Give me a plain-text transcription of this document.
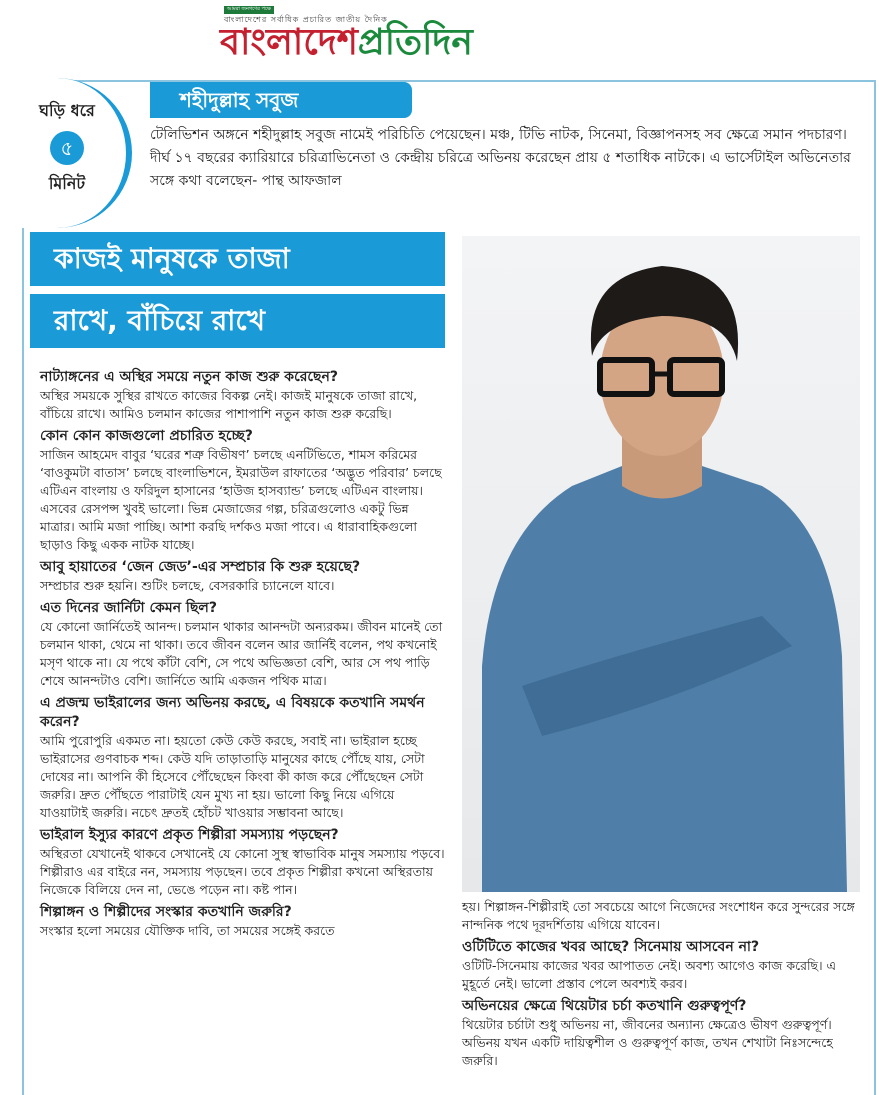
আমরা জনগণের পক্ষে
বাংলাদেশের সর্বাধিক প্রচারিত জাতীয় দৈনিক
বাংলাদেশপ্রতিদিন
ঘড়ি ধরে
৫
মিনিট
শহীদুল্লাহ সবুজ
টেলিভিশন অঙ্গনে শহীদুল্লাহ সবুজ নামেই পরিচিতি পেয়েছেন। মঞ্চ, টিভি নাটক, সিনেমা, বিজ্ঞাপনসহ সব ক্ষেত্রে সমান পদচারণ। দীর্ঘ ১৭ বছরের ক্যারিয়ারে চরিত্রাভিনেতা ও কেন্দ্রীয় চরিত্রে অভিনয় করেছেন প্রায় ৫ শতাধিক নাটকে। এ ভার্সেটাইল অভিনেতার সঙ্গে কথা বলেছেন- পান্থ আফজাল
কাজই মানুষকে তাজা
রাখে, বাঁচিয়ে রাখে
নাট্যাঙ্গনের এ অস্থির সময়ে নতুন কাজ শুরু করেছেন?
অস্থির সময়কে সুস্থির রাখতে কাজের বিকল্প নেই। কাজই মানুষকে তাজা রাখে, বাঁচিয়ে রাখে। আমিও চলমান কাজের পাশাপাশি নতুন কাজ শুরু করেছি।
কোন কোন কাজগুলো প্রচারিত হচ্ছে?
সাজিন আহমেদ বাবুর ‘ঘরের শত্রু বিভীষণ’ চলছে এনটিভিতে, শামস করিমের ‘বাওকুমটা বাতাস’ চলছে বাংলাভিশনে, ইমরাউল রাফাতের ‘অদ্ভুত পরিবার’ চলছে এটিএন বাংলায় ও ফরিদুল হাসানের ‘হাউজ হাসব্যান্ড’ চলছে এটিএন বাংলায়। এসবের রেসপন্স খুবই ভালো। ভিন্ন মেজাজের গল্প, চরিত্রগুলোও একটু ভিন্ন মাত্রার। আমি মজা পাচ্ছি। আশা করছি দর্শকও মজা পাবে। এ ধারাবাহিকগুলো ছাড়াও কিছু একক নাটক যাচ্ছে।
আবু হায়াতের ‘জেন জেড’-এর সম্প্রচার কি শুরু হয়েছে?
সম্প্রচার শুরু হয়নি। শুটিং চলছে, বেসরকারি চ্যানেলে যাবে।
এত দিনের জার্নিটা কেমন ছিল?
যে কোনো জার্নিতেই আনন্দ। চলমান থাকার আনন্দটা অন্যরকম। জীবন মানেই তো চলমান থাকা, থেমে না থাকা। তবে জীবন বলেন আর জার্নিই বলেন, পথ কখনোই মসৃণ থাকে না। যে পথে কাঁটা বেশি, সে পথে অভিজ্ঞতা বেশি, আর সে পথ পাড়ি শেষে আনন্দটাও বেশি। জার্নিতে আমি একজন পথিক মাত্র।
এ প্রজন্ম ভাইরালের জন্য অভিনয় করছে, এ বিষয়কে কতখানি সমর্থন করেন?
আমি পুরোপুরি একমত না। হয়তো কেউ কেউ করছে, সবাই না। ভাইরাল হচ্ছে ভাইরাসের গুণবাচক শব্দ। কেউ যদি তাড়াতাড়ি মানুষের কাছে পৌঁছে যায়, সেটা দোষের না। আপনি কী হিসেবে পৌঁছেছেন কিংবা কী কাজ করে পৌঁছেছেন সেটা জরুরি। দ্রুত পৌঁছতে পারাটাই যেন মুখ্য না হয়। ভালো কিছু নিয়ে এগিয়ে যাওয়াটাই জরুরি। নচেৎ দ্রুতই হোঁচট খাওয়ার সম্ভাবনা আছে।
ভাইরাল ইস্যুর কারণে প্রকৃত শিল্পীরা সমস্যায় পড়ছেন?
অস্থিরতা যেখানেই থাকবে সেখানেই যে কোনো সুস্থ স্বাভাবিক মানুষ সমস্যায় পড়বে। শিল্পীরাও এর বাইরে নন, সমস্যায় পড়ছেন। তবে প্রকৃত শিল্পীরা কখনো অস্থিরতায় নিজেকে বিলিয়ে দেন না, ভেঙে পড়েন না। কষ্ট পান।
শিল্পাঙ্গন ও শিল্পীদের সংস্কার কতখানি জরুরি?
সংস্কার হলো সময়ের যৌক্তিক দাবি, তা সময়ের সঙ্গেই করতে
হয়। শিল্পাঙ্গন-শিল্পীরাই তো সবচেয়ে আগে নিজেদের সংশোধন করে সুন্দরের সঙ্গে নান্দনিক পথে দূরদর্শিতায় এগিয়ে যাবেন।
ওটিটিতে কাজের খবর আছে? সিনেমায় আসবেন না?
ওটিটি-সিনেমায় কাজের খবর আপাতত নেই। অবশ্য আগেও কাজ করেছি। এ মুহূর্তে নেই। ভালো প্রস্তাব পেলে অবশ্যই করব।
অভিনয়ের ক্ষেত্রে থিয়েটার চর্চা কতখানি গুরুত্বপূর্ণ?
থিয়েটার চর্চাটা শুধু অভিনয় না, জীবনের অন্যান্য ক্ষেত্রেও ভীষণ গুরুত্বপূর্ণ। অভিনয় যখন একটি দায়িত্বশীল ও গুরুত্বপূর্ণ কাজ, তখন শেখাটা নিঃসন্দেহে জরুরি।
